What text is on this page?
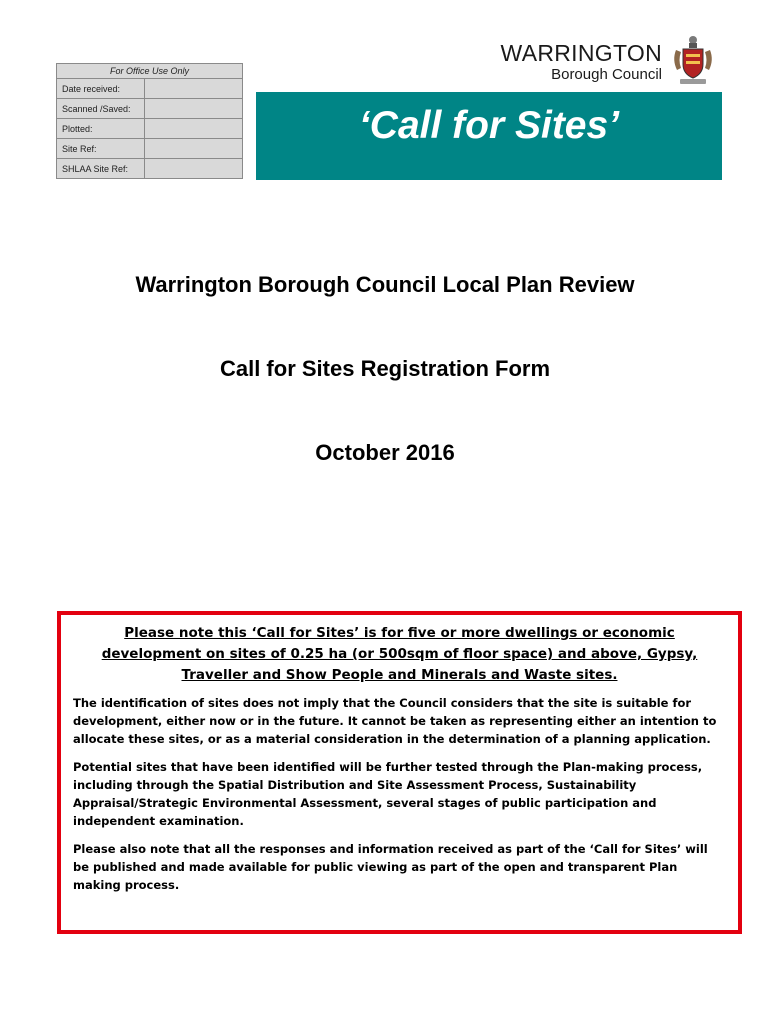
For Office Use Only	
Date received:	
Scanned /Saved:	
Plotted:	
Site Ref:	
SHLAA Site Ref:	
WARRINGTON
Borough Council
‘Call for Sites’
Warrington Borough Council Local Plan Review
Call for Sites Registration Form
October 2016
Please note this ‘Call for Sites’ is for five or more dwellings or economic development on sites of 0.25 ha (or 500sqm of floor space) and above, Gypsy, Traveller and Show People and Minerals and Waste sites.

The identification of sites does not imply that the Council considers that the site is suitable for development, either now or in the future. It cannot be taken as representing either an intention to allocate these sites, or as a material consideration in the determination of a planning application.

Potential sites that have been identified will be further tested through the Plan-making process, including through the Spatial Distribution and Site Assessment Process, Sustainability Appraisal/Strategic Environmental Assessment, several stages of public participation and independent examination.

Please also note that all the responses and information received as part of the ‘Call for Sites’ will be published and made available for public viewing as part of the open and transparent Plan making process.
